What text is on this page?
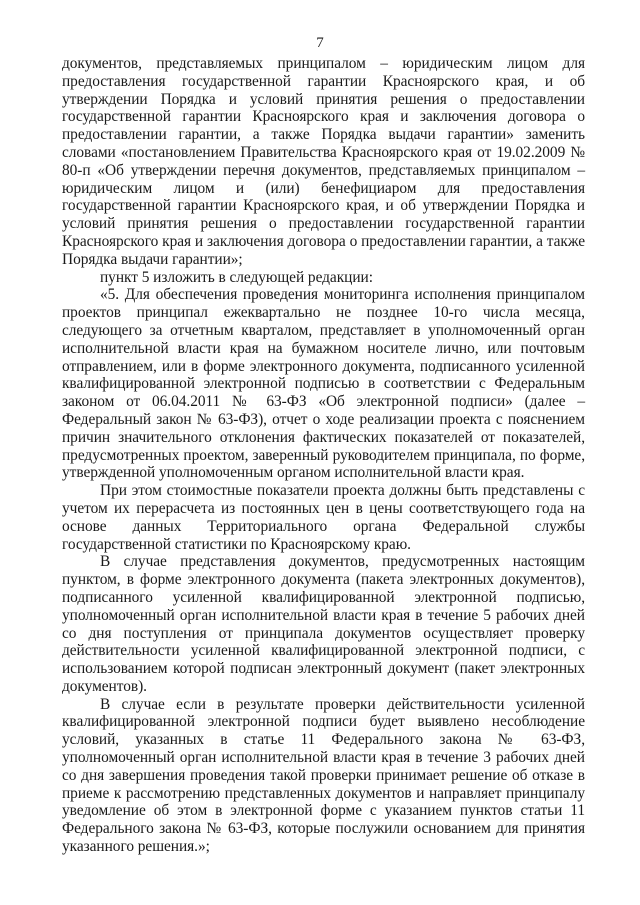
7

документов, представляемых принципалом – юридическим лицом для предоставления государственной гарантии Красноярского края, и об утверждении Порядка и условий принятия решения о предоставлении государственной гарантии Красноярского края и заключения договора о предоставлении гарантии, а также Порядка выдачи гарантии» заменить словами «постановлением Правительства Красноярского края от 19.02.2009 № 80-п «Об утверждении перечня документов, представляемых принципалом – юридическим лицом и (или) бенефициаром для предоставления государственной гарантии Красноярского края, и об утверждении Порядка и условий принятия решения о предоставлении государственной гарантии Красноярского края и заключения договора о предоставлении гарантии, а также Порядка выдачи гарантии»;

пункт 5 изложить в следующей редакции:

«5. Для обеспечения проведения мониторинга исполнения принципалом проектов принципал ежеквартально не позднее 10-го числа месяца, следующего за отчетным кварталом, представляет в уполномоченный орган исполнительной власти края на бумажном носителе лично, или почтовым отправлением, или в форме электронного документа, подписанного усиленной квалифицированной электронной подписью в соответствии с Федеральным законом от 06.04.2011 № 63-ФЗ «Об электронной подписи» (далее – Федеральный закон № 63-ФЗ), отчет о ходе реализации проекта с пояснением причин значительного отклонения фактических показателей от показателей, предусмотренных проектом, заверенный руководителем принципала, по форме, утвержденной уполномоченным органом исполнительной власти края.

При этом стоимостные показатели проекта должны быть представлены с учетом их перерасчета из постоянных цен в цены соответствующего года на основе данных Территориального органа Федеральной службы государственной статистики по Красноярскому краю.

В случае представления документов, предусмотренных настоящим пунктом, в форме электронного документа (пакета электронных документов), подписанного усиленной квалифицированной электронной подписью, уполномоченный орган исполнительной власти края в течение 5 рабочих дней со дня поступления от принципала документов осуществляет проверку действительности усиленной квалифицированной электронной подписи, с использованием которой подписан электронный документ (пакет электронных документов).

В случае если в результате проверки действительности усиленной квалифицированной электронной подписи будет выявлено несоблюдение условий, указанных в статье 11 Федерального закона № 63-ФЗ, уполномоченный орган исполнительной власти края в течение 3 рабочих дней со дня завершения проведения такой проверки принимает решение об отказе в приеме к рассмотрению представленных документов и направляет принципалу уведомление об этом в электронной форме с указанием пунктов статьи 11 Федерального закона № 63-ФЗ, которые послужили основанием для принятия указанного решения.»;
